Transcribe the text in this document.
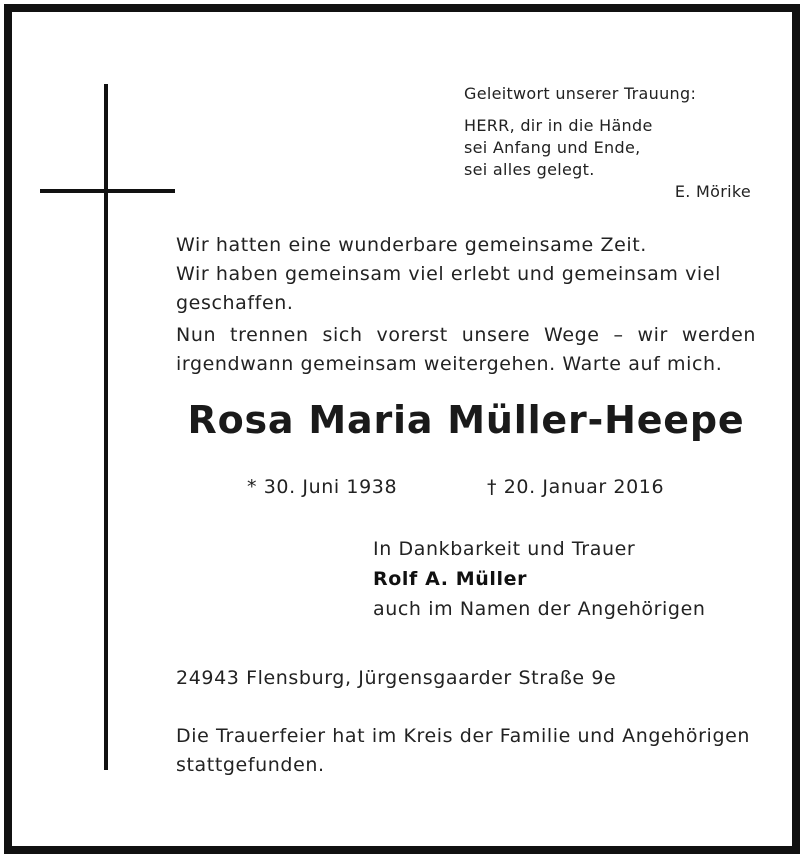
Geleitwort unserer Trauung:
HERR, dir in die Hände
sei Anfang und Ende,
sei alles gelegt.
E. Mörike
Wir hatten eine wunderbare gemeinsame Zeit.
Wir haben gemeinsam viel erlebt und gemeinsam viel geschaffen.
Nun trennen sich vorerst unsere Wege – wir werden irgendwann gemeinsam weitergehen. Warte auf mich.
Rosa Maria Müller-Heepe
* 30. Juni 1938	† 20. Januar 2016
In Dankbarkeit und Trauer
Rolf A. Müller
auch im Namen der Angehörigen
24943 Flensburg, Jürgensgaarder Straße 9e
Die Trauerfeier hat im Kreis der Familie und Angehörigen stattgefunden.
